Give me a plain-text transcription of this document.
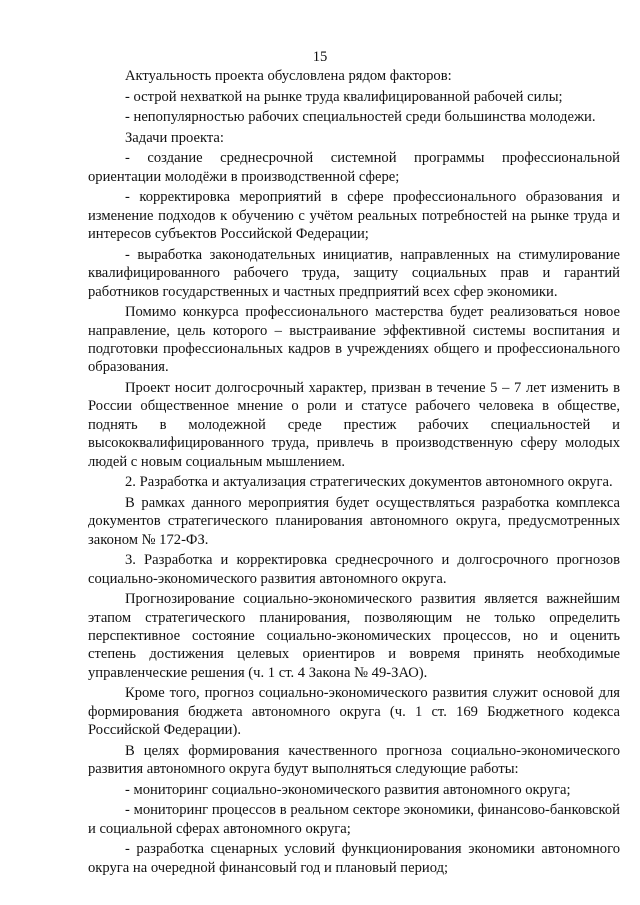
15

Актуальность проекта обусловлена рядом факторов:

- острой нехваткой на рынке труда квалифицированной рабочей силы;

- непопулярностью рабочих специальностей среди большинства молодежи.

Задачи проекта:

- создание среднесрочной системной программы профессиональной ориентации молодёжи в производственной сфере;

- корректировка мероприятий в сфере профессионального образования и изменение подходов к обучению с учётом реальных потребностей на рынке труда и интересов субъектов Российской Федерации;

- выработка законодательных инициатив, направленных на стимулирование квалифицированного рабочего труда, защиту социальных прав и гарантий работников государственных и частных предприятий всех сфер экономики.

Помимо конкурса профессионального мастерства будет реализоваться новое направление, цель которого – выстраивание эффективной системы воспитания и подготовки профессиональных кадров в учреждениях общего и профессионального образования.

Проект носит долгосрочный характер, призван в течение 5 – 7 лет изменить в России общественное мнение о роли и статусе рабочего человека в обществе, поднять в молодежной среде престиж рабочих специальностей и высококвалифицированного труда, привлечь в производственную сферу молодых людей с новым социальным мышлением.

2. Разработка и актуализация стратегических документов автономного округа.

В рамках данного мероприятия будет осуществляться разработка комплекса документов стратегического планирования автономного округа, предусмотренных законом № 172-ФЗ.

3. Разработка и корректировка среднесрочного и долгосрочного прогнозов социально-экономического развития автономного округа.

Прогнозирование социально-экономического развития является важнейшим этапом стратегического планирования, позволяющим не только определить перспективное состояние социально-экономических процессов, но и оценить степень достижения целевых ориентиров и вовремя принять необходимые управленческие решения (ч. 1 ст. 4 Закона № 49-ЗАО).

Кроме того, прогноз социально-экономического развития служит основой для формирования бюджета автономного округа (ч. 1 ст. 169 Бюджетного кодекса Российской Федерации).

В целях формирования качественного прогноза социально-экономического развития автономного округа будут выполняться следующие работы:

- мониторинг социально-экономического развития автономного округа;

- мониторинг процессов в реальном секторе экономики, финансово-банковской и социальной сферах автономного округа;

- разработка сценарных условий функционирования экономики автономного округа на очередной финансовый год и плановый период;
